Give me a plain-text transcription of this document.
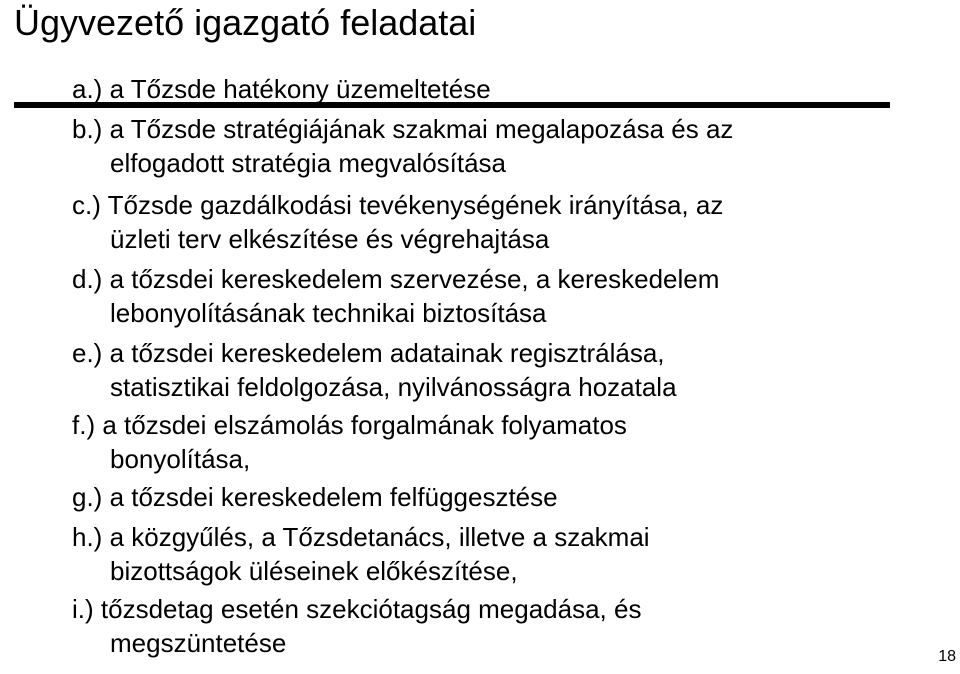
Ügyvezető igazgató feladatai
a.) a Tőzsde hatékony üzemeltetése
b.) a Tőzsde stratégiájának szakmai megalapozása és az
elfogadott stratégia megvalósítása
c.) Tőzsde gazdálkodási tevékenységének irányítása, az
üzleti terv elkészítése és végrehajtása
d.) a tőzsdei kereskedelem szervezése, a kereskedelem
lebonyolításának technikai biztosítása
e.) a tőzsdei kereskedelem adatainak regisztrálása,
statisztikai feldolgozása, nyilvánosságra hozatala
f.) a tőzsdei elszámolás forgalmának folyamatos
bonyolítása,
g.) a tőzsdei kereskedelem felfüggesztése
h.) a közgyűlés, a Tőzsdetanács, illetve a szakmai
bizottságok üléseinek előkészítése,
i.) tőzsdetag esetén szekciótagság megadása, és
megszüntetése	18
